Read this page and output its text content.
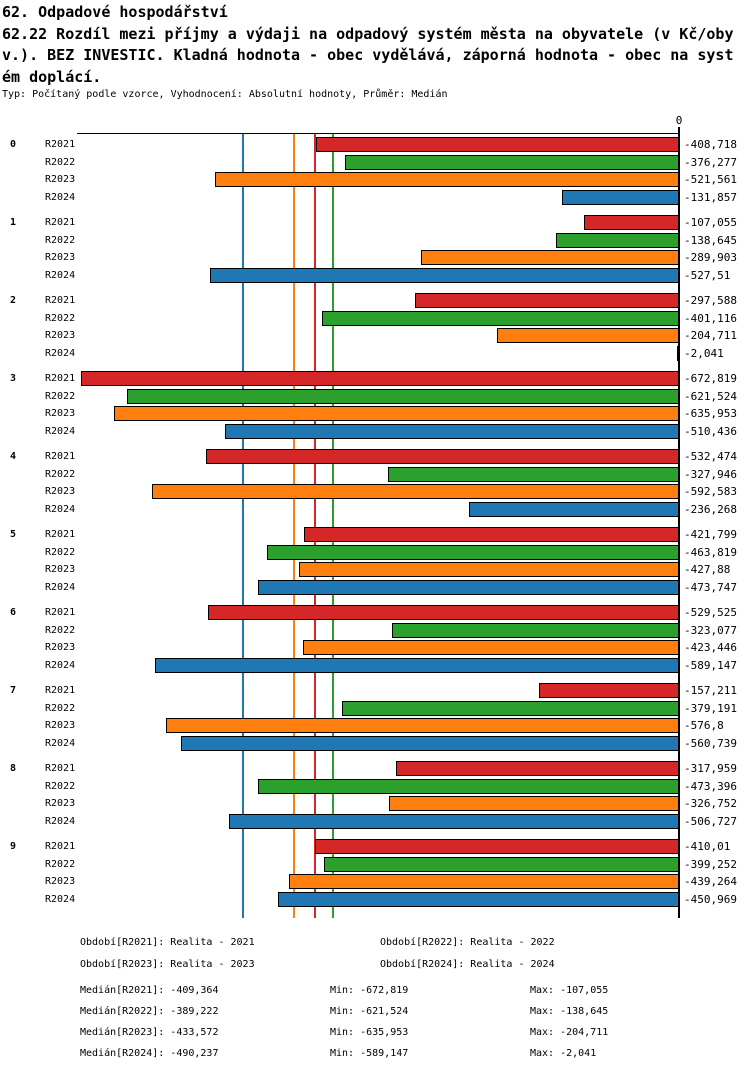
62. Odpadové hospodářství
62.22 Rozdíl mezi příjmy a výdaji na odpadový systém města na obyvatele (v Kč/obyv.). BEZ INVESTIC. Kladná hodnota - obec vydělává, záporná hodnota - obec na systém doplácí.
Typ: Počítaný podle vzorce, Vyhodnocení: Absolutní hodnoty, Průměr: Medián
0	R2021	-408,718
R2022	-376,277
R2023	-521,561
R2024	-131,857
1	R2021	-107,055
R2022	-138,645
R2023	-289,903
R2024	-527,51
2	R2021	-297,588
R2022	-401,116
R2023	-204,711
R2024	-2,041
3	R2021	-672,819
R2022	-621,524
R2023	-635,953
R2024	-510,436
4	R2021	-532,474
R2022	-327,946
R2023	-592,583
R2024	-236,268
5	R2021	-421,799
R2022	-463,819
R2023	-427,88
R2024	-473,747
6	R2021	-529,525
R2022	-323,077
R2023	-423,446
R2024	-589,147
7	R2021	-157,211
R2022	-379,191
R2023	-576,8
R2024	-560,739
8	R2021	-317,959
R2022	-473,396
R2023	-326,752
R2024	-506,727
9	R2021	-410,01
R2022	-399,252
R2023	-439,264
R2024	-450,969
0
Období[R2021]: Realita - 2021	Období[R2022]: Realita - 2022
Období[R2023]: Realita - 2023	Období[R2024]: Realita - 2024
Medián[R2021]: -409,364	Min: -672,819	Max: -107,055
Medián[R2022]: -389,222	Min: -621,524	Max: -138,645
Medián[R2023]: -433,572	Min: -635,953	Max: -204,711
Medián[R2024]: -490,237	Min: -589,147	Max: -2,041
